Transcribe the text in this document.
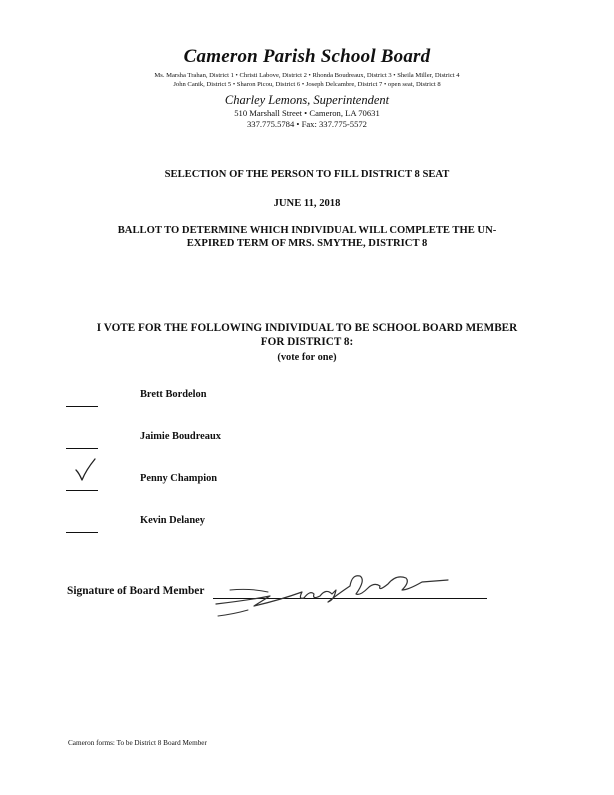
Cameron Parish School Board
Ms. Marsha Trahan, District 1 • Christi Labove, District 2 • Rhonda Boudreaux, District 3 • Sheila Miller, District 4
John Canik, District 5 • Sharon Picou, District 6 • Joseph Delcambre, District 7 • open seat, District 8
Charley Lemons, Superintendent
510 Marshall Street • Cameron, LA 70631
337.775.5784 • Fax: 337.775-5572
SELECTION OF THE PERSON TO FILL DISTRICT 8 SEAT
JUNE 11, 2018
BALLOT TO DETERMINE WHICH INDIVIDUAL WILL COMPLETE THE UN-
EXPIRED TERM OF MRS. SMYTHE, DISTRICT 8
I VOTE FOR THE FOLLOWING INDIVIDUAL TO BE SCHOOL BOARD MEMBER
FOR DISTRICT 8:
(vote for one)
Brett Bordelon
Jaimie Boudreaux
Penny Champion
Kevin Delaney
Signature of Board Member
Cameron forms: To be District 8 Board Member
